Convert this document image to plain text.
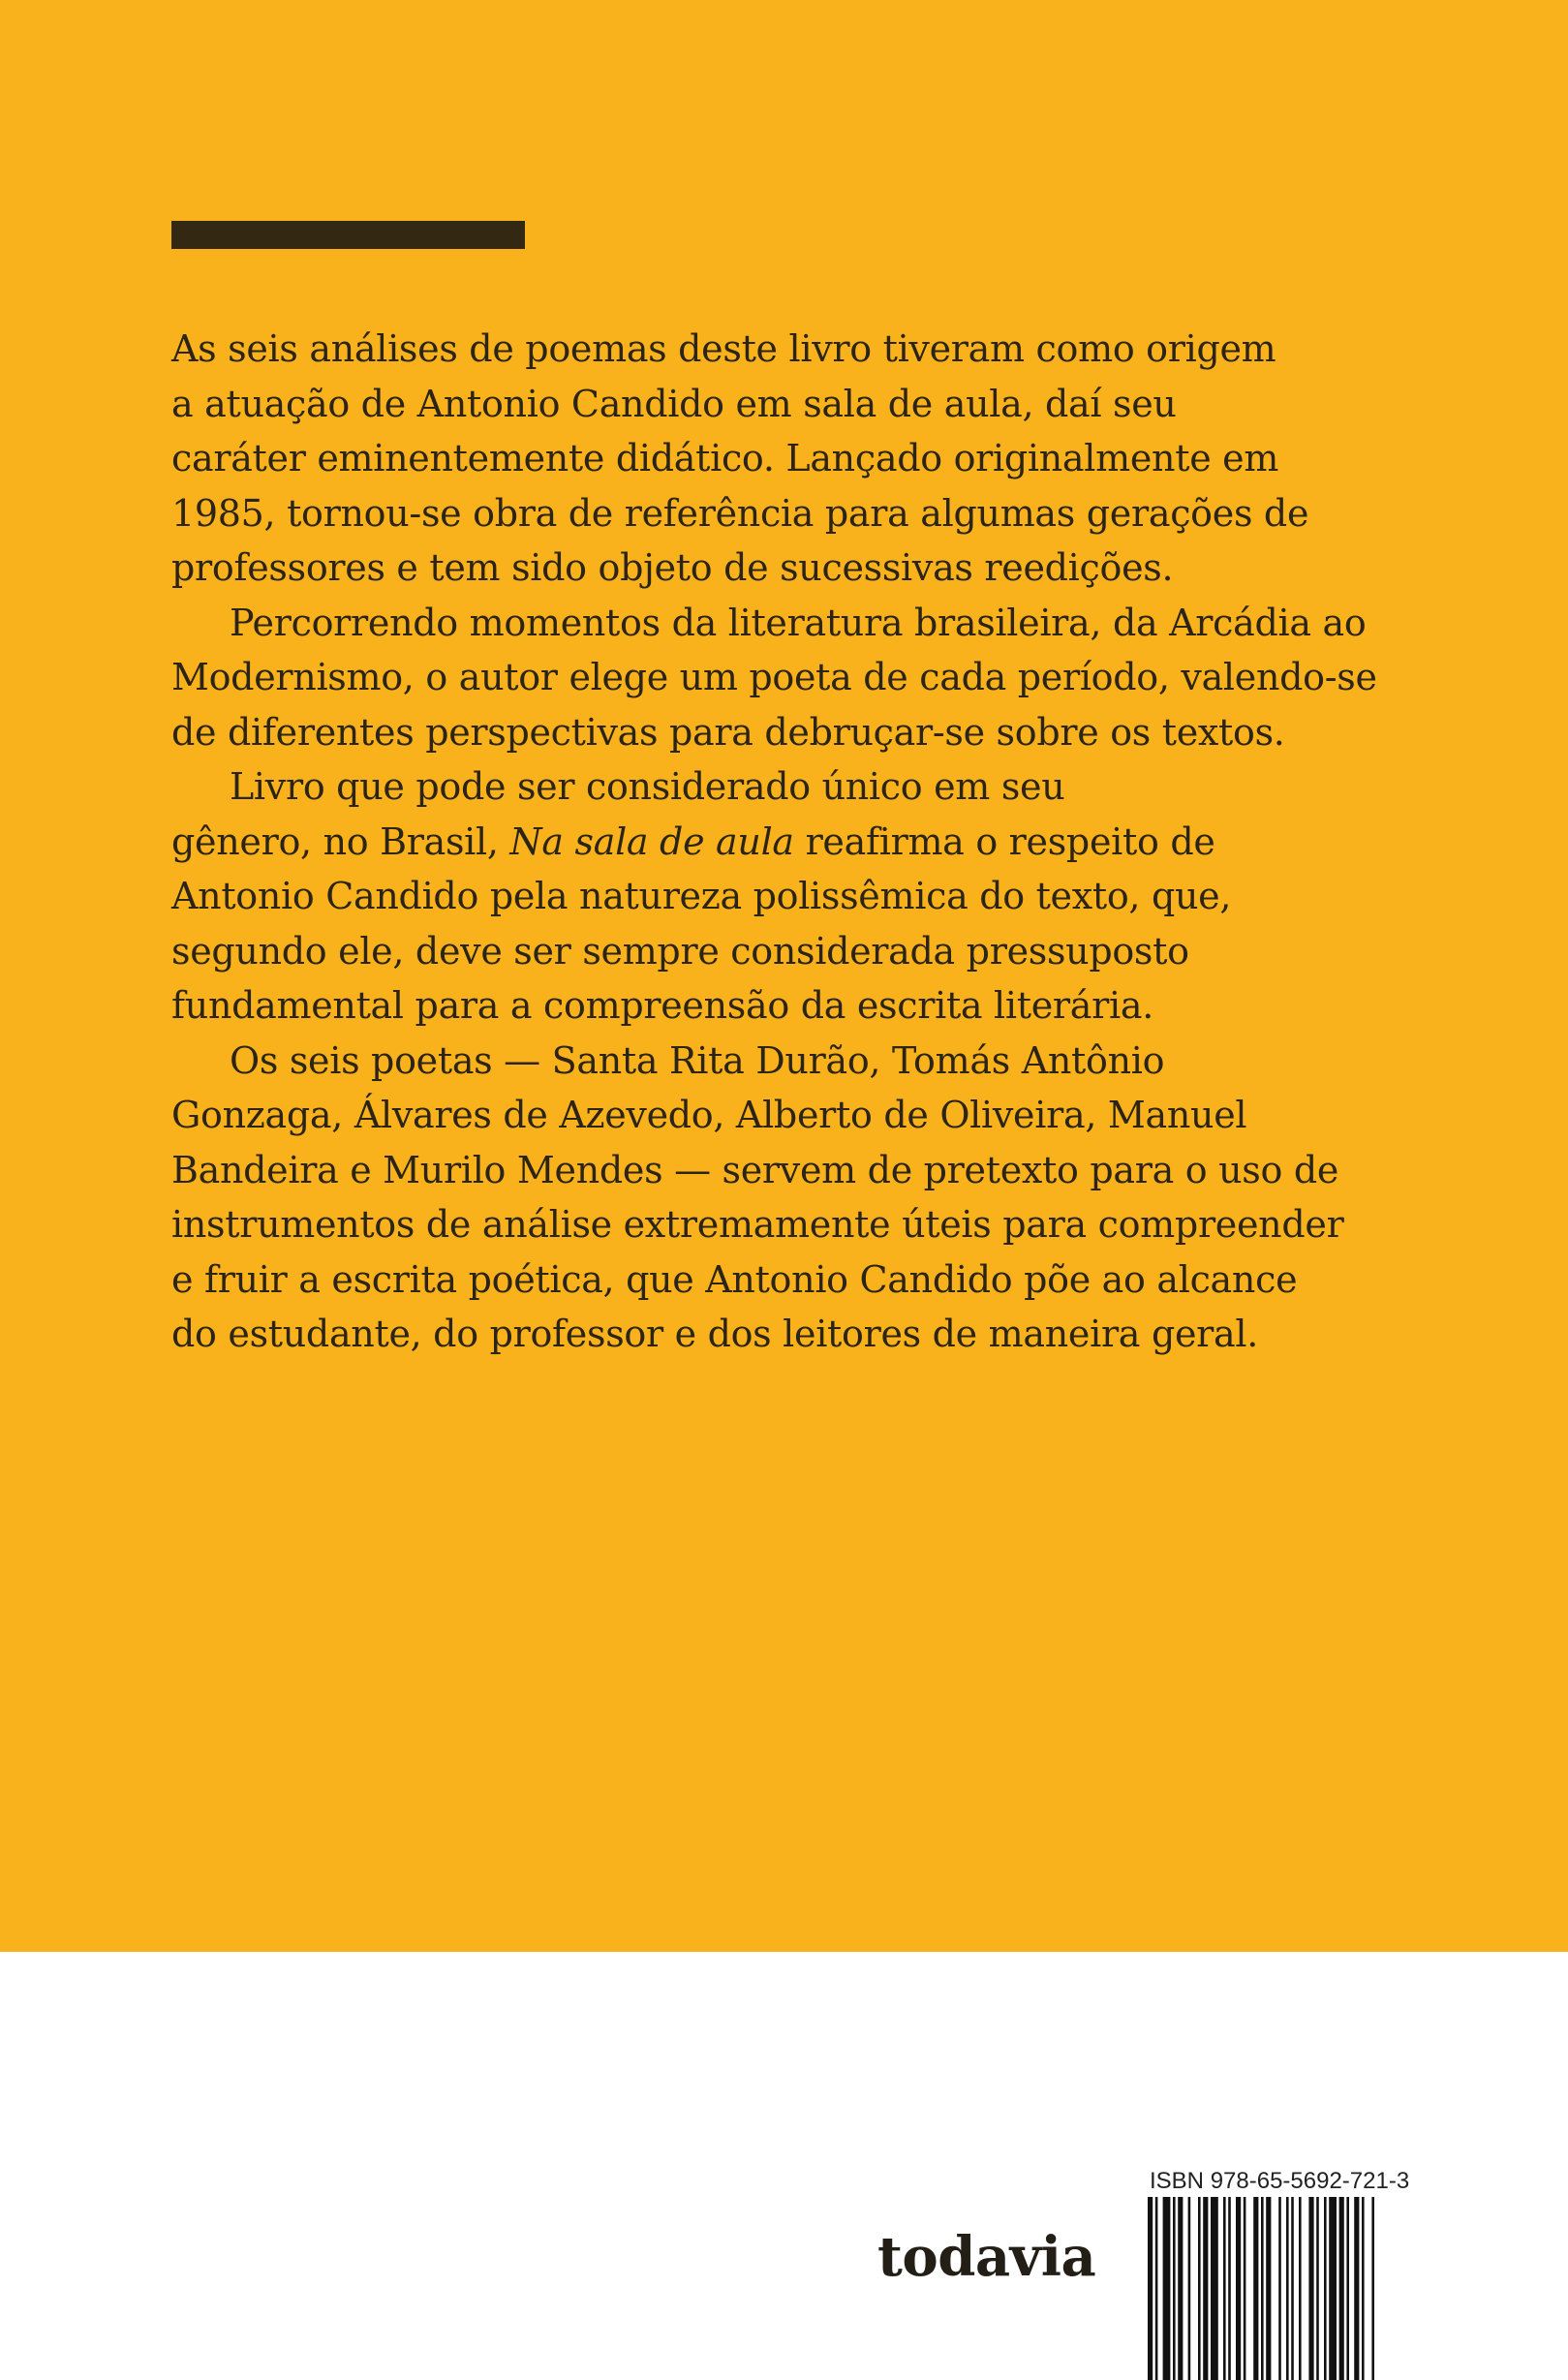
As seis análises de poemas deste livro tiveram como origem
a atuação de Antonio Candido em sala de aula, daí seu
caráter eminentemente didático. Lançado originalmente em
1985, tornou-se obra de referência para algumas gerações de
professores e tem sido objeto de sucessivas reedições.
Percorrendo momentos da literatura brasileira, da Arcádia ao
Modernismo, o autor elege um poeta de cada período, valendo-se
de diferentes perspectivas para debruçar-se sobre os textos.
Livro que pode ser considerado único em seu
gênero, no Brasil, Na sala de aula reafirma o respeito de
Antonio Candido pela natureza polissêmica do texto, que,
segundo ele, deve ser sempre considerada pressuposto
fundamental para a compreensão da escrita literária.
Os seis poetas — Santa Rita Durão, Tomás Antônio
Gonzaga, Álvares de Azevedo, Alberto de Oliveira, Manuel
Bandeira e Murilo Mendes — servem de pretexto para o uso de
instrumentos de análise extremamente úteis para compreender
e fruir a escrita poética, que Antonio Candido põe ao alcance
do estudante, do professor e dos leitores de maneira geral.
todavia
ISBN 978-65-5692-721-3
